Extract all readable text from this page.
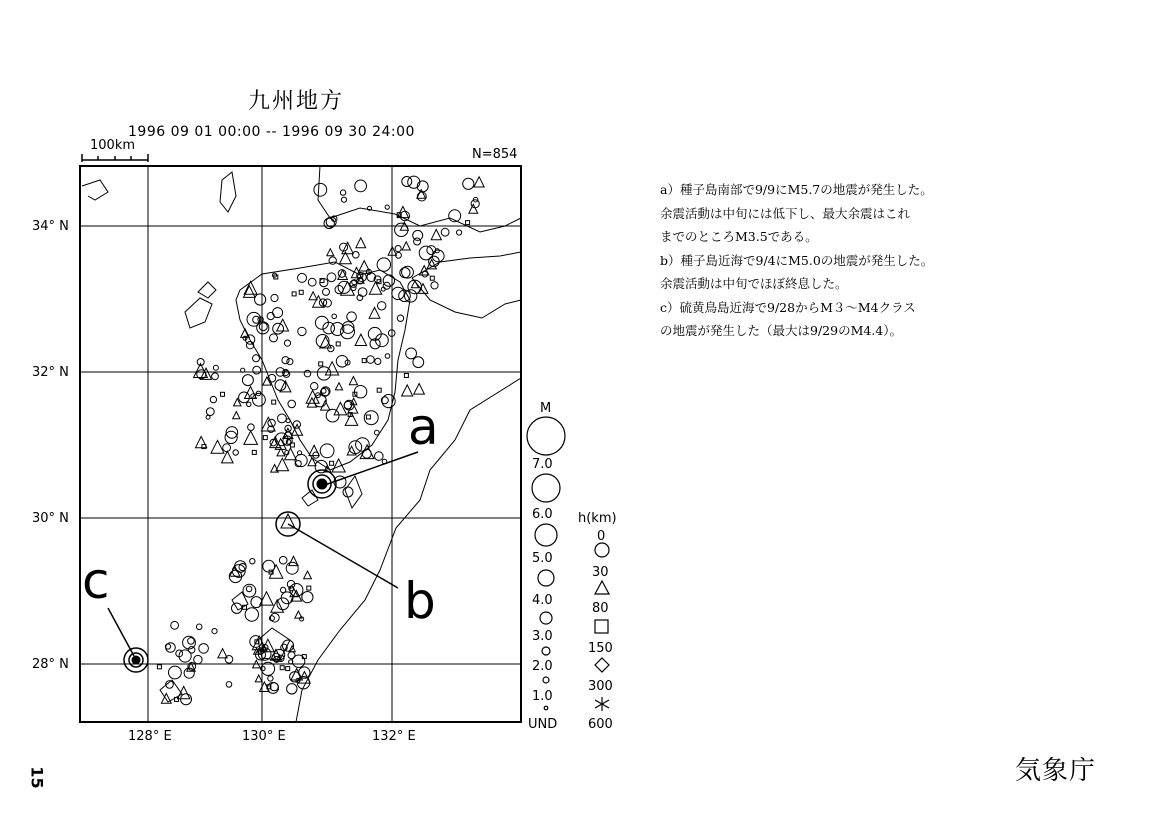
九州地方
1996 09 01 00:00 -- 1996 09 30 24:00
100km
N=854
34° N
32° N
30° N
28° N
128° E	130° E	132° E
a
b
c
M
7.0
6.0
5.0
4.0
3.0
2.0
1.0
UND
h(km)
0
30
80
150
300
600
a）種子島南部で9/9にM5.7の地震が発生した。
余震活動は中旬には低下し、最大余震はこれ
までのところM3.5である。
b）種子島近海で9/4にM5.0の地震が発生した。
余震活動は中旬でほぼ終息した。
c）硫黄鳥島近海で9/28からM３～M4クラス
の地震が発生した（最大は9/29のM4.4）。
気象庁
15
